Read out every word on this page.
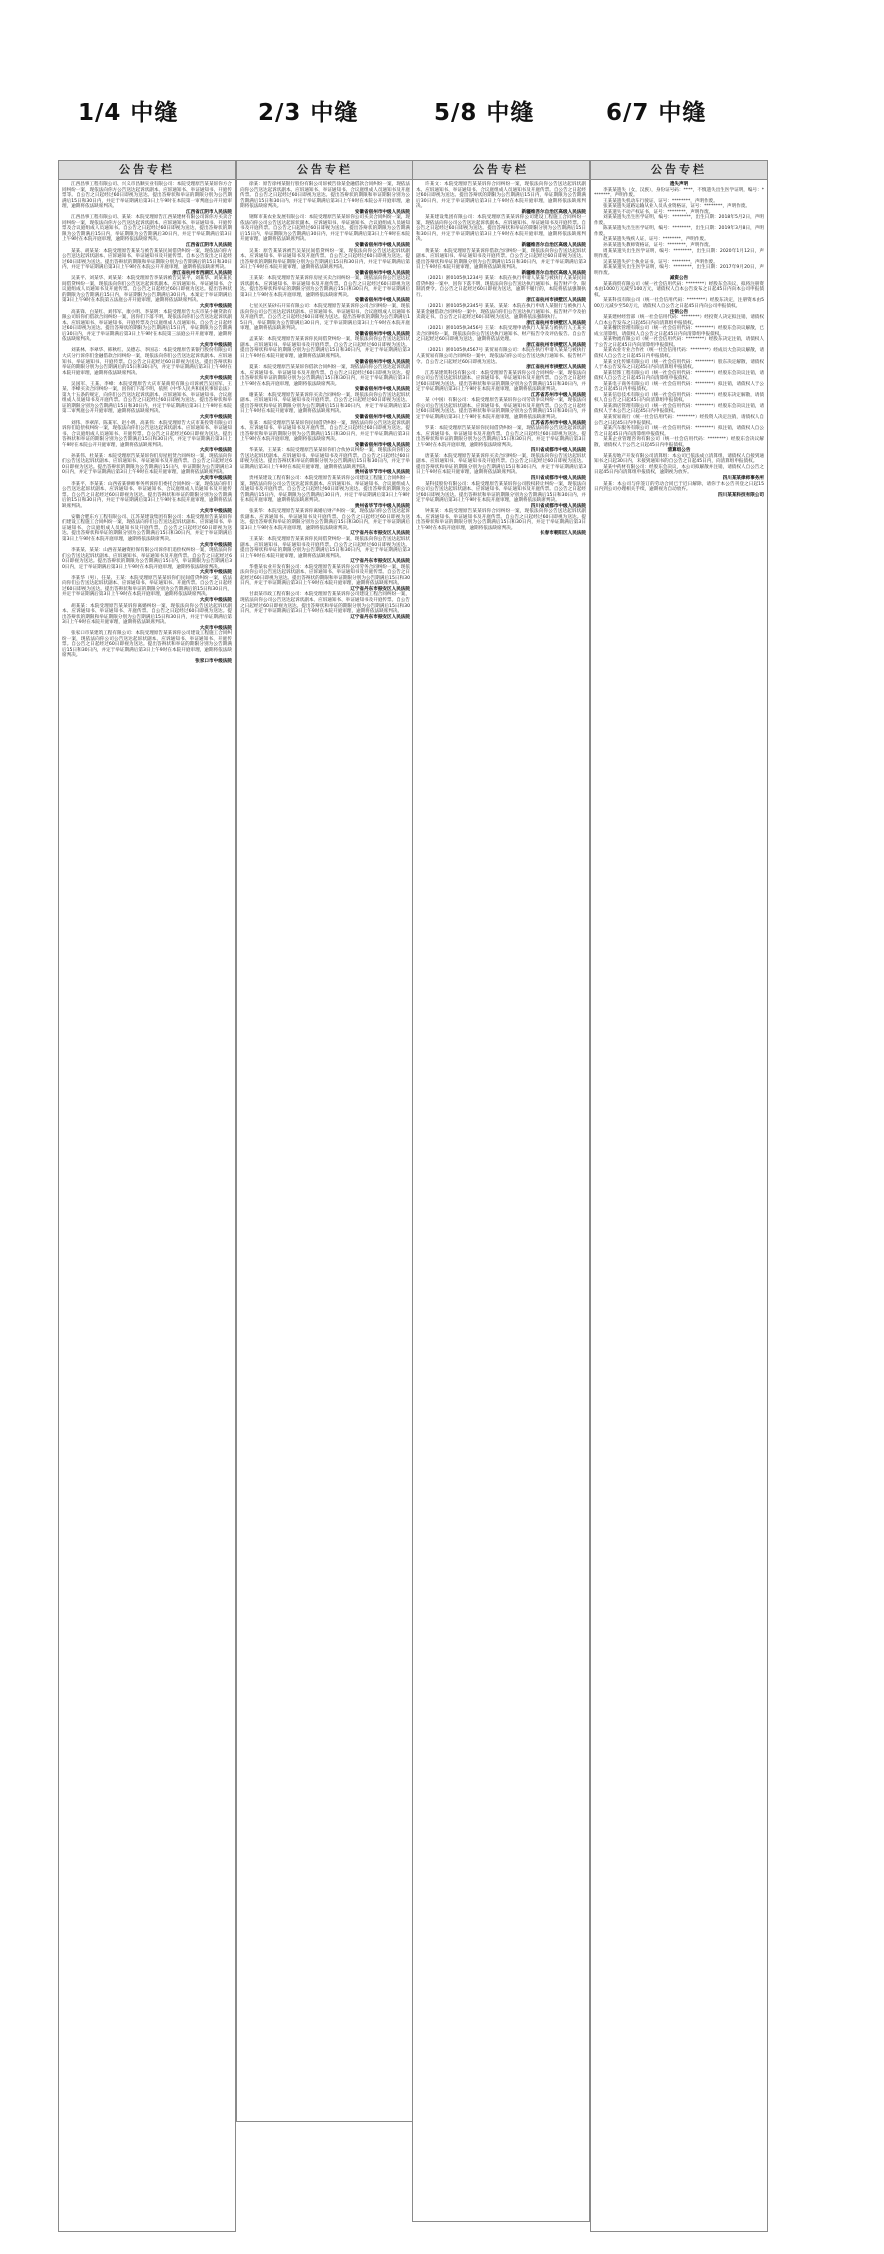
1/4 中缝	2/3 中缝	5/8 中缝	6/7 中缝
公告专栏

江西昌事工程有限公司、兴义市昌顺实业有限公司：本院受理原告某某诉你方合同纠纷一案，现依法向你方公告送达起诉状副本、应诉通知书、举证通知书、开庭传票等。自公告之日起经过60日即视为送达。提出答辩状和举证的期限分别为公告期满后15日和30日内，并定于举证期满后第3日上午9时在本院第一审判庭公开开庭审理，逾期将依法缺席判决。

江西省江阴市人民法院

江西昌事工程有限公司、某某：本院受理原告江西某建材有限公司诉你方买卖合同纠纷一案，现依法向你方公告送达起诉状副本、应诉通知书、举证通知书、开庭传票及合议庭组成人员通知书。自公告之日起经过60日即视为送达，提出答辩状的期限为公告期满后15日内，举证期限为公告期满后30日内，并定于举证期满后第3日上午9时在本院开庭审理，逾期将依法缺席判决。

江西省江阴市人民法院

某某、胡某某：本院受理原告某某与被告某某民间借贷纠纷一案，现依法向你方公告送达起诉状副本、应诉通知书、举证通知书及开庭传票。自本公告发出之日起经过60日即视为送达。提出答辩状的期限和举证期限分别为公告期满后的15日和30日内，并定于举证期满后第3日上午9时在本院公开开庭审理，逾期将依法缺席判决。

浙江省杭州市西湖区人民法院

吴某平、刘某华、刘某某：本院受理原告李某诉被告吴某平、刘某华、刘某某民间借贷纠纷一案，现依法向你们公告送达起诉状副本、应诉通知书、举证通知书、合议庭组成人员通知书及开庭传票。自公告之日起经过60日即视为送达。提出答辩状的期限为公告期满后15日内，举证期限为公告期满后30日内。本案定于举证期满后第3日上午9时在本院第五法庭公开开庭审理，逾期将依法缺席判决。

大庆市中级法院

高某锋、白某红、刘伟军、康小明、李某明：本院受理原告大庆市某小额贷款有限公司诉你们借款合同纠纷一案，因你们下落不明，现依法向你们公告送达起诉状副本、应诉通知书、举证通知书、开庭传票及合议庭组成人员通知书。自公告之日起经过60日即视为送达。提出答辩状的期限为公告期满后15日内，举证期限为公告期满后30日内，并定于举证期满后第3日上午9时在本院第三法庭公开开庭审理，逾期将依法缺席判决。

大庆市中级法院

刘某林、李翠华、韩秋红、吴德志、李国志：本院受理原告某银行股份有限公司大庆分行诉你们金融借款合同纠纷一案，现依法向你们公告送达起诉状副本、应诉通知书、举证通知书、开庭传票。自公告之日起经过60日即视为送达。提出答辩状和举证的期限分别为公告期满后的15日和30日内，并定于举证期满后第3日上午9时在本院开庭审理，逾期将依法缺席判决。

大庆市中级法院

吴国军、王某、李峰：本院受理原告大庆市某商贸有限公司诉被告吴国军、王某、李峰买卖合同纠纷一案，因你们下落不明，依照《中华人民共和国民事诉讼法》第九十五条的规定，向你们公告送达起诉状副本、应诉通知书、举证通知书、合议庭组成人员通知书及开庭传票。自公告之日起经过60日即视为送达。提出答辩状和举证的期限分别为公告期满后15日和30日内，并定于举证期满后第3日上午9时在本院第二审判庭公开开庭审理，逾期将依法缺席判决。

大庆市中级法院

刘伟、李翠萍、陈某军、赵小明、高某伟：本院受理原告大庆市某投资有限公司诉你们追偿权纠纷一案，现依法向你们公告送达起诉状副本、应诉通知书、举证通知书、合议庭组成人员通知书、开庭传票。自公告之日起经过60日即视为送达。提出答辩状和举证的期限分别为公告期满后15日和30日内，并定于举证期满后第3日上午9时在本院公开开庭审理，逾期将依法缺席判决。

大庆市中级法院

孙某伟、杜某某：本院受理原告某某诉你们房屋租赁合同纠纷一案，现依法向你们公告送达起诉状副本、应诉通知书、举证通知书及开庭传票。自公告之日起经过60日即视为送达。提出答辩状的期限为公告期满后15日内，举证期限为公告期满后30日内，并定于举证期满后第3日上午9时在本院开庭审理，逾期将依法缺席判决。

大庆市中级法院

李某平、李某某：山西省某律师事务所诉你们委托合同纠纷一案，现依法向你们公告送达起诉状副本、应诉通知书、举证通知书、合议庭组成人员通知书及开庭传票。自公告之日起经过60日即视为送达。提出答辩状和举证的期限分别为公告期满后的15日和30日内，并定于举证期满后第3日上午9时在本院开庭审理，逾期将依法缺席判决。

大庆市中级法院

安徽合肥东方工程有限公司、江苏某建设集团有限公司：本院受理原告某某诉你们建设工程施工合同纠纷一案，现依法向你们公告送达起诉状副本、应诉通知书、举证通知书、合议庭组成人员通知书及开庭传票。自公告之日起经过60日即视为送达。提出答辩状和举证的期限分别为公告期满后15日和30日内，并定于举证期满后第3日上午9时在本院开庭审理，逾期将依法缺席判决。

大庆市中级法院

李某某、某某：山西省某融资担保有限公司诉你们追偿权纠纷一案，现依法向你们公告送达起诉状副本、应诉通知书、举证通知书及开庭传票。自公告之日起经过60日即视为送达。提出答辩状的期限为公告期满后15日内，举证期限为公告期满后30日内，定于举证期满后第3日上午9时在本院开庭审理，逾期将依法缺席判决。

大庆市中级法院

李某华（男）、任某、王某：本院受理原告某某诉你们民间借贷纠纷一案，依法向你们公告送达起诉状副本、应诉通知书、举证通知书、开庭传票。自公告之日起经过60日即视为送达。提出答辩状和举证的期限分别为公告期满后的15日和30日内，并定于举证期满后第3日上午9时在本院开庭审理，逾期将依法缺席判决。

大庆市中级法院

胡某某：本院受理原告某某诉你离婚纠纷一案，现依法向你公告送达起诉状副本、应诉通知书、举证通知书、开庭传票。自公告之日起经过60日即视为送达。提出答辩状的期限和举证期限分别为公告期满后15日和30日内，并定于举证期满后第3日上午9时在本院开庭审理，逾期将依法缺席判决。

大庆市中级法院

张家口市某建筑工程有限公司：本院受理原告某某诉你公司建设工程施工合同纠纷一案，现依法向你公司公告送达起诉状副本、应诉通知书、举证通知书、开庭传票。自公告之日起经过60日即视为送达。提出答辩状和举证的期限分别为公告期满后15日和30日内，并定于举证期满后第3日上午9时在本院开庭审理，逾期将依法缺席判决。

张家口市中级法院

公告专栏

徐某：原告徐州某银行股份有限公司诉被告徐某金融借款合同纠纷一案，现依法向你公告送达起诉状副本、应诉通知书、举证通知书、合议庭组成人员通知书及开庭传票。自公告之日起经过60日即视为送达。提出答辩状的期限和举证期限分别为公告期满后15日和30日内，并定于举证期满后第3日上午9时在本院公开开庭审理，逾期将依法缺席判决。

安徽省宿州市中级人民法院

钢辉市某农业发展有限公司：本院受理原告某某诉你公司买卖合同纠纷一案，现依法向你公司公告送达起诉状副本、应诉通知书、举证通知书、合议庭组成人员通知书及开庭传票。自公告之日起经过60日即视为送达。提出答辩状的期限为公告期满后15日内，举证期限为公告期满后30日内，并定于举证期满后第3日上午9时在本院开庭审理，逾期将依法缺席判决。

安徽省宿州市中级人民法院

吴某：原告某某诉被告吴某民间借贷纠纷一案，现依法向你公告送达起诉状副本、应诉通知书、举证通知书及开庭传票。自公告之日起经过60日即视为送达。提出答辩状的期限和举证期限分别为公告期满后15日和30日内，并定于举证期满后第3日上午9时在本院开庭审理，逾期将依法缺席判决。

安徽省宿州市中级人民法院

王某某：本院受理原告某某诉你房屋买卖合同纠纷一案，现依法向你公告送达起诉状副本、应诉通知书、举证通知书及开庭传票。自公告之日起经过60日即视为送达。提出答辩状和举证的期限分别为公告期满后15日和30日内，并定于举证期满后第3日上午9时在本院开庭审理，逾期将依法缺席判决。

安徽省宿州市中级人民法院

七星关区某砂石开采有限公司：本院受理原告某某诉你公司合同纠纷一案，现依法向你公司公告送达起诉状副本、应诉通知书、举证通知书、合议庭组成人员通知书及开庭传票。自公告之日起经过60日即视为送达。提出答辩状的期限为公告期满后15日内，举证期限为公告期满后30日内，定于举证期满后第3日上午9时在本院开庭审理，逾期将依法缺席判决。

安徽省宿州市中级人民法院

孟某某：本院受理原告某某诉你民间借贷纠纷一案，现依法向你公告送达起诉状副本、应诉通知书、举证通知书及开庭传票。自公告之日起经过60日即视为送达。提出答辩状和举证的期限分别为公告期满后15日和30日内，并定于举证期满后第3日上午9时在本院开庭审理，逾期将依法缺席判决。

安徽省宿州市中级人民法院

夏某：本院受理原告某某诉你借款合同纠纷一案，现依法向你公告送达起诉状副本、应诉通知书、举证通知书及开庭传票。自公告之日起经过60日即视为送达。提出答辩状和举证的期限分别为公告期满后15日和30日内，并定于举证期满后第3日上午9时在本院开庭审理，逾期将依法缺席判决。

安徽省宿州市中级人民法院

谢某某：本院受理原告某某诉你买卖合同纠纷一案，现依法向你公告送达起诉状副本、应诉通知书、举证通知书及开庭传票。自公告之日起经过60日即视为送达。提出答辩状和举证的期限分别为公告期满后15日和30日内，并定于举证期满后第3日上午9时在本院开庭审理，逾期将依法缺席判决。

安徽省宿州市中级人民法院

张某：本院受理原告某某诉你民间借贷纠纷一案，现依法向你公告送达起诉状副本、应诉通知书、举证通知书及开庭传票。自公告之日起经过60日即视为送达。提出答辩状和举证的期限分别为公告期满后15日和30日内，并定于举证期满后第3日上午9时在本院开庭审理，逾期将依法缺席判决。

安徽省宿州市中级人民法院

华某某、王某某：本院受理原告某某诉你们合伙协议纠纷一案，现依法向你们公告送达起诉状副本、应诉通知书、举证通知书及开庭传票。自公告之日起经过60日即视为送达。提出答辩状和举证的期限分别为公告期满后15日和30日内，并定于举证期满后第3日上午9时在本院开庭审理，逾期将依法缺席判决。

贵州省毕节市中级人民法院

贵州某建设工程有限公司：本院受理原告某某诉你公司建设工程施工合同纠纷一案，现依法向你公司公告送达起诉状副本、应诉通知书、举证通知书、合议庭组成人员通知书及开庭传票。自公告之日起经过60日即视为送达。提出答辩状的期限为公告期满后15日内，举证期限为公告期满后30日内，并定于举证期满后第3日上午9时在本院开庭审理，逾期将依法缺席判决。

贵州省毕节市中级人民法院

张某华：本院受理原告某某诉你离婚后财产纠纷一案，现依法向你公告送达起诉状副本、应诉通知书、举证通知书及开庭传票。自公告之日起经过60日即视为送达。提出答辩状和举证的期限分别为公告期满后15日和30日内，并定于举证期满后第3日上午9时在本院开庭审理，逾期将依法缺席判决。

辽宁省丹东市振安区人民法院

王某某：本院受理原告某某诉你民间借贷纠纷一案，现依法向你公告送达起诉状副本、应诉通知书、举证通知书及开庭传票。自公告之日起经过60日即视为送达。提出答辩状和举证的期限分别为公告期满后15日和30日内，并定于举证期满后第3日上午9时在本院开庭审理，逾期将依法缺席判决。

辽宁省丹东市振安区人民法院

华蓥某农业开发有限公司：本院受理原告某某诉你公司劳务合同纠纷一案，现依法向你公司公告送达起诉状副本、应诉通知书、举证通知书及开庭传票。自公告之日起经过60日即视为送达。提出答辩状的期限和举证期限分别为公告期满后15日和30日内，并定于举证期满后第3日上午9时在本院开庭审理，逾期将依法缺席判决。

辽宁省丹东市振安区人民法院

甘肃某市政工程有限公司：本院受理原告某某诉你公司建设工程合同纠纷一案，现依法向你公司公告送达起诉状副本、应诉通知书、举证通知书及开庭传票。自公告之日起经过60日即视为送达。提出答辩状和举证的期限分别为公告期满后15日和30日内，并定于举证期满后第3日上午9时在本院开庭审理，逾期将依法缺席判决。

辽宁省丹东市振安区人民法院

公告专栏

许某文：本院受理原告某某诉你合同纠纷一案，现依法向你公告送达起诉状副本、应诉通知书、举证通知书、合议庭组成人员通知书及开庭传票。自公告之日起经过60日即视为送达。提出答辩状的期限为公告期满后15日内，举证期限为公告期满后30日内，并定于举证期满后第3日上午9时在本院开庭审理，逾期将依法缺席判决。

新疆维吾尔自治区高级人民法院

某某建设集团有限公司：本院受理原告某某诉你公司建设工程施工合同纠纷一案，现依法向你公司公告送达起诉状副本、应诉通知书、举证通知书及开庭传票。自公告之日起经过60日即视为送达。提出答辩状和举证的期限分别为公告期满后15日和30日内，并定于举证期满后第3日上午9时在本院开庭审理，逾期将依法缺席判决。

新疆维吾尔自治区高级人民法院

黄某某：本院受理原告某某诉你借款合同纠纷一案，现依法向你公告送达起诉状副本、应诉通知书、举证通知书及开庭传票。自公告之日起经过60日即视为送达。提出答辩状和举证的期限分别为公告期满后15日和30日内，并定于举证期满后第3日上午9时在本院开庭审理，逾期将依法缺席判决。

新疆维吾尔自治区高级人民法院

（2021）浙0105执1234号 某某：本院在执行申请人某某与被执行人某某民间借贷纠纷一案中，因你下落不明，现依法向你公告送达执行通知书、报告财产令、限制消费令。自公告之日起经过60日即视为送达，逾期不履行的，本院将依法强制执行。

浙江省杭州市拱墅区人民法院

（2021）浙0105执2345号 某某、某某：本院在执行申请人某银行与被执行人某某金融借款合同纠纷一案中，现依法向你们公告送达执行通知书、报告财产令及拍卖裁定书。自公告之日起经过60日即视为送达，逾期将依法强制执行。

浙江省杭州市拱墅区人民法院

（2021）浙0105执3456号 王某：本院受理申请执行人某某与被执行人王某买卖合同纠纷一案，现依法向你公告送达执行通知书、财产报告令及评估报告。自公告之日起经过60日即视为送达，逾期将依法处理。

浙江省杭州市拱墅区人民法院

（2021）浙0105执4567号 某贸易有限公司：本院在执行申请人某某与被执行人某贸易有限公司合同纠纷一案中，现依法向你公司公告送达执行通知书、报告财产令。自公告之日起经过60日即视为送达。

浙江省杭州市拱墅区人民法院

江苏某建筑科技有限公司：本院受理原告某某诉你公司合同纠纷一案，现依法向你公司公告送达起诉状副本、应诉通知书、举证通知书及开庭传票。自公告之日起经过60日即视为送达。提出答辩状和举证的期限分别为公告期满后15日和30日内，并定于举证期满后第3日上午9时在本院开庭审理，逾期将依法缺席判决。

江苏省苏州市中级人民法院

某（中国）有限公司：本院受理原告某某诉你公司劳动争议纠纷一案，现依法向你公司公告送达起诉状副本、应诉通知书、举证通知书及开庭传票。自公告之日起经过60日即视为送达。提出答辩状和举证的期限分别为公告期满后15日和30日内，并定于举证期满后第3日上午9时在本院开庭审理，逾期将依法缺席判决。

江苏省苏州市中级人民法院

罗某：本院受理原告某某诉你民间借贷纠纷一案，现依法向你公告送达起诉状副本、应诉通知书、举证通知书及开庭传票。自公告之日起经过60日即视为送达。提出答辩状和举证的期限分别为公告期满后15日和30日内，并定于举证期满后第3日上午9时在本院开庭审理，逾期将依法缺席判决。

四川省成都市中级人民法院

唐某某：本院受理原告某某诉你买卖合同纠纷一案，现依法向你公告送达起诉状副本、应诉通知书、举证通知书及开庭传票。自公告之日起经过60日即视为送达。提出答辩状和举证的期限分别为公告期满后15日和30日内，并定于举证期满后第3日上午9时在本院开庭审理，逾期将依法缺席判决。

四川省成都市中级人民法院

某科技股份有限公司：本院受理原告某某诉你公司股权转让纠纷一案，现依法向你公司公告送达起诉状副本、应诉通知书、举证通知书及开庭传票。自公告之日起经过60日即视为送达。提出答辩状和举证的期限分别为公告期满后15日和30日内，并定于举证期满后第3日上午9时在本院开庭审理，逾期将依法缺席判决。

四川省成都市中级人民法院

钟某某：本院受理原告某某诉你合同纠纷一案，现依法向你公告送达起诉状副本、应诉通知书、举证通知书及开庭传票。自公告之日起经过60日即视为送达。提出答辩状和举证的期限分别为公告期满后15日和30日内，并定于举证期满后第3日上午9时在本院开庭审理，逾期将依法缺席判决。

长春市朝阳区人民法院

公告专栏

遗失声明

李某某遗失（女，汉族），身份证号码：****，不慎遗失出生医学证明，编号：********，声明作废。

王某某遗失机动车行驶证，证号：********，声明作废。

张某某遗失道路运输从业人员从业资格证，证号：********，声明作废。

某某遗失不动产权证书，证号：********，声明作废。

刘某某遗失出生医学证明，编号：********，出生日期：2018年5月2日，声明作废。

陈某某遗失出生医学证明，编号：********，出生日期：2019年3月8日，声明作废。

赵某某遗失残疾人证，证号：********，声明作废。

孙某某遗失教师资格证，证号：********，声明作废。

周某某遗失出生医学证明，编号：********，出生日期：2020年1月12日，声明作废。

吴某某遗失护士执业证书，证号：********，声明作废。

郑某某遗失出生医学证明，编号：********，出生日期：2017年9月20日，声明作废。

减资公告

某某商贸有限公司（统一社会信用代码：********）经股东会决议，拟将注册资本由1000万元减至100万元，请债权人自本公告发布之日起45日内向本公司申报债权。

某某科技有限公司（统一社会信用代码：********）经股东决定，注册资本由500万元减少至50万元，请债权人自公告之日起45日内向公司申报债权。

注销公告

某某建材经营部（统一社会信用代码：********）经投资人决定拟注销，请债权人自本公告发布之日起45日内向清算组申报债权。

某某餐饮管理有限公司（统一社会信用代码：********）经股东会决议解散，已成立清算组，请债权人自公告之日起45日内向清算组申报债权。

某某物流有限公司（统一社会信用代码：********）经股东决定注销，请债权人于公告之日起45日内向清算组申报债权。

某某农业专业合作社（统一社会信用代码：********）经成员大会决议解散，请债权人自公告之日起45日内申报债权。

某某文化传媒有限公司（统一社会信用代码：********）股东决定解散，请债权人于本公告发布之日起45日内向清算组申报债权。

某某装饰工程有限公司（统一社会信用代码：********）经股东会决议注销，请债权人自公告之日起45日内向清算组申报债权。

某某电子商务有限公司（统一社会信用代码：********）拟注销，请债权人于公告之日起45日内申报债权。

某某信息技术有限公司（统一社会信用代码：********）经股东决定解散，请债权人自公告之日起45日内向清算组申报债权。

某某酒店管理有限公司（统一社会信用代码：********）经股东会决议注销，请债权人于本公告之日起45日内申报债权。

某某贸易商行（统一社会信用代码：********）经投资人决定注销，请债权人自公告之日起45日内申报债权。

某某汽车服务有限公司（统一社会信用代码：********）拟注销，请债权人自公告之日起45日内向清算组申报债权。

某某企业管理咨询有限公司（统一社会信用代码：********）经股东会决议解散，请债权人于公告之日起45日内申报债权。

清算组公告

某某房地产开发有限公司清算组：本公司已依法成立清算组，请债权人自接到通知书之日起30日内，未接到通知书的自公告之日起45日内，向清算组申报债权。

某某中药材有限公司：经股东会决议，本公司拟解散并注销，请债权人自公告之日起45日内向清算组申报债权，逾期视为放弃。

四川某某律师事务所

某某：本公司与你签订的劳动合同已于近日解除，请你于本公告刊登之日起15日内到公司办理相关手续，逾期视为自动放弃。

四川某某科技有限公司
